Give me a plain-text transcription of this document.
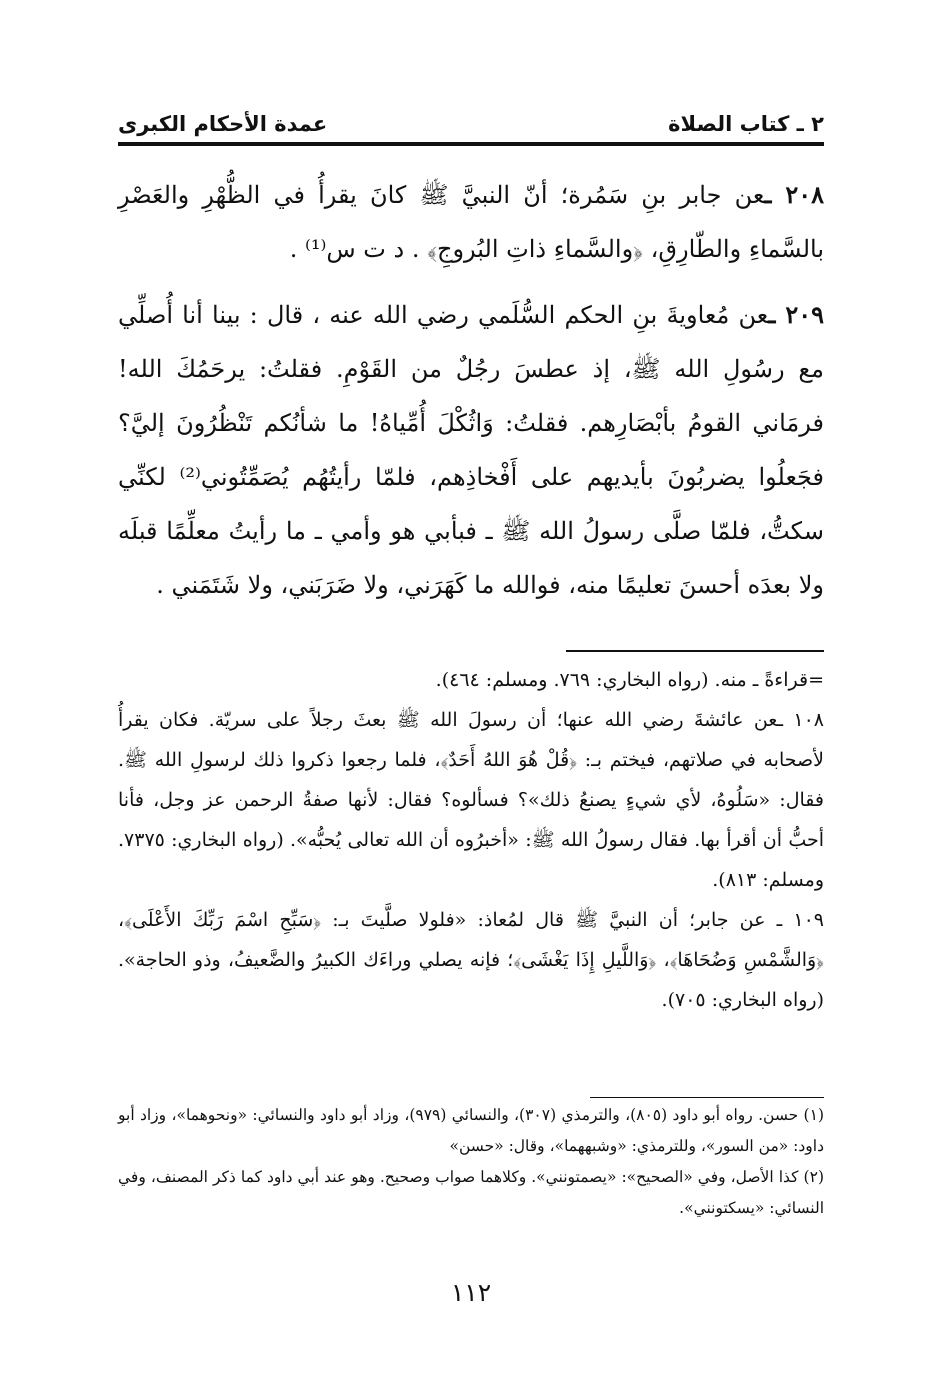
٢ ـ كتاب الصلاة
عمدة الأحكام الكبرى

٢٠٨ ـعن جابر بنِ سَمُرة؛ أنّ النبيَّ ﷺ كانَ يقرأُ في الظُّهْرِ والعَصْرِ بالسَّماءِ والطّارِقِ، ﴿والسَّماءِ ذاتِ البُروجِ﴾ . د ت س⁽¹⁾ .

٢٠٩ ـعن مُعاويةَ بنِ الحكم السُّلَمي رضي الله عنه ، قال : بينا أنا أُصلِّي مع رسُولِ الله ﷺ، إذ عطسَ رجُلٌ من القَوْمِ. فقلتُ: يرحَمُكَ الله! فرمَاني القومُ بأبْصَارِهم. فقلتُ: وَاثُكْلَ أُمِّياهُ! ما شأنُكم تَنْظُرُونَ إليَّ؟ فجَعلُوا يضربُونَ بأيديهم على أَفْخاذِهم، فلمّا رأيتُهُم يُصَمِّتُوني⁽²⁾ لكنِّي سكتُّ، فلمّا صلَّى رسولُ الله ﷺ ـ فبأبي هو وأمي ـ ما رأيتُ معلِّمًا قبلَه ولا بعدَه أحسنَ تعليمًا منه، فوالله ما كَهَرَني، ولا ضَرَبَني، ولا شَتَمَني .

=قراءةً ـ منه. (رواه البخاري: ٧٦٩. ومسلم: ٤٦٤).

١٠٨ ـعن عائشةَ رضي الله عنها؛ أن رسولَ الله ﷺ بعثَ رجلاً على سريّة. فكان يقرأُ لأصحابه في صلاتهم، فيختم بـ: ﴿قُلْ هُوَ اللهُ أَحَدٌ﴾، فلما رجعوا ذكروا ذلك لرسولِ الله ﷺ. فقال: «سَلُوهُ، لأي شيءٍ يصنعُ ذلك»؟ فسألوه؟ فقال: لأنها صفةُ الرحمن عز وجل، فأنا أحبُّ أن أقرأ بها. فقال رسولُ الله ﷺ: «أخبرُوه أن الله تعالى يُحبُّه». (رواه البخاري: ٧٣٧٥. ومسلم: ٨١٣).

١٠٩ ـ عن جابر؛ أن النبيَّ ﷺ قال لمُعاذ: «فلولا صلَّيتَ بـ: ﴿سَبِّحِ اسْمَ رَبِّكَ الأَعْلَى﴾، ﴿وَالشَّمْسِ وَضُحَاهَا﴾، ﴿وَاللَّيلِ إِذَا يَغْشَى﴾؛ فإنه يصلي وراءَك الكبيرُ والضَّعيفُ، وذو الحاجة». (رواه البخاري: ٧٠٥).

(١) حسن. رواه أبو داود (٨٠٥)، والترمذي (٣٠٧)، والنسائي (٩٧٩)، وزاد أبو داود والنسائي: «ونحوهما»، وزاد أبو داود: «من السور»، وللترمذي: «وشبههما»، وقال: «حسن»

(٢) كذا الأصل، وفي «الصحيح»: «يصمتونني». وكلاهما صواب وصحيح. وهو عند أبي داود كما ذكر المصنف، وفي النسائي: «يسكتونني».

١١٢
